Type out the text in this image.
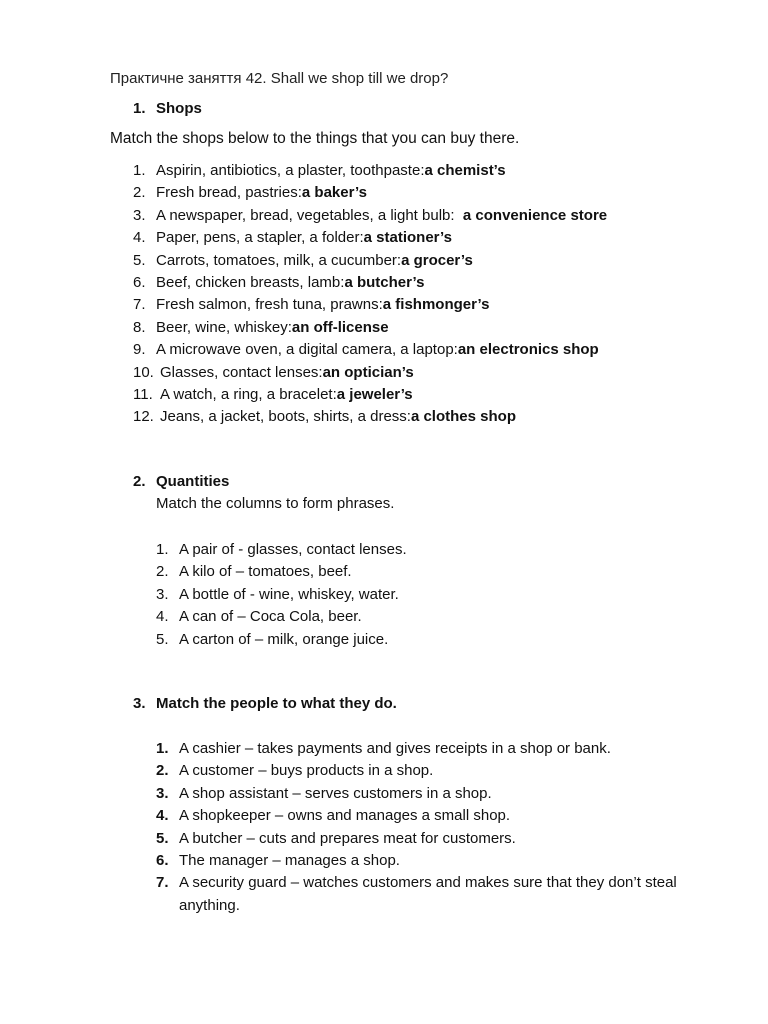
Практичне заняття 42. Shall we shop till we drop?
1. Shops
Match the shops below to the things that you can buy there.
1. Aspirin, antibiotics, a plaster, toothpaste: a chemist’s
2. Fresh bread, pastries: a baker’s
3. A newspaper, bread, vegetables, a light bulb: a convenience store
4. Paper, pens, a stapler, a folder: a stationer’s
5. Carrots, tomatoes, milk, a cucumber: a grocer’s
6. Beef, chicken breasts, lamb: a butcher’s
7. Fresh salmon, fresh tuna, prawns: a fishmonger’s
8. Beer, wine, whiskey: an off-license
9. A microwave oven, a digital camera, a laptop: an electronics shop
10. Glasses, contact lenses: an optician’s
11. A watch, a ring, a bracelet: a jeweler’s
12. Jeans, a jacket, boots, shirts, a dress: a clothes shop
2. Quantities
Match the columns to form phrases.
1. A pair of - glasses, contact lenses.
2. A kilo of – tomatoes, beef.
3. A bottle of - wine, whiskey, water.
4. A can of – Coca Cola, beer.
5. A carton of – milk, orange juice.
3. Match the people to what they do.
1. A cashier – takes payments and gives receipts in a shop or bank.
2. A customer – buys products in a shop.
3. A shop assistant – serves customers in a shop.
4. A shopkeeper – owns and manages a small shop.
5. A butcher – cuts and prepares meat for customers.
6. The manager – manages a shop.
7. A security guard – watches customers and makes sure that they don’t steal anything.
